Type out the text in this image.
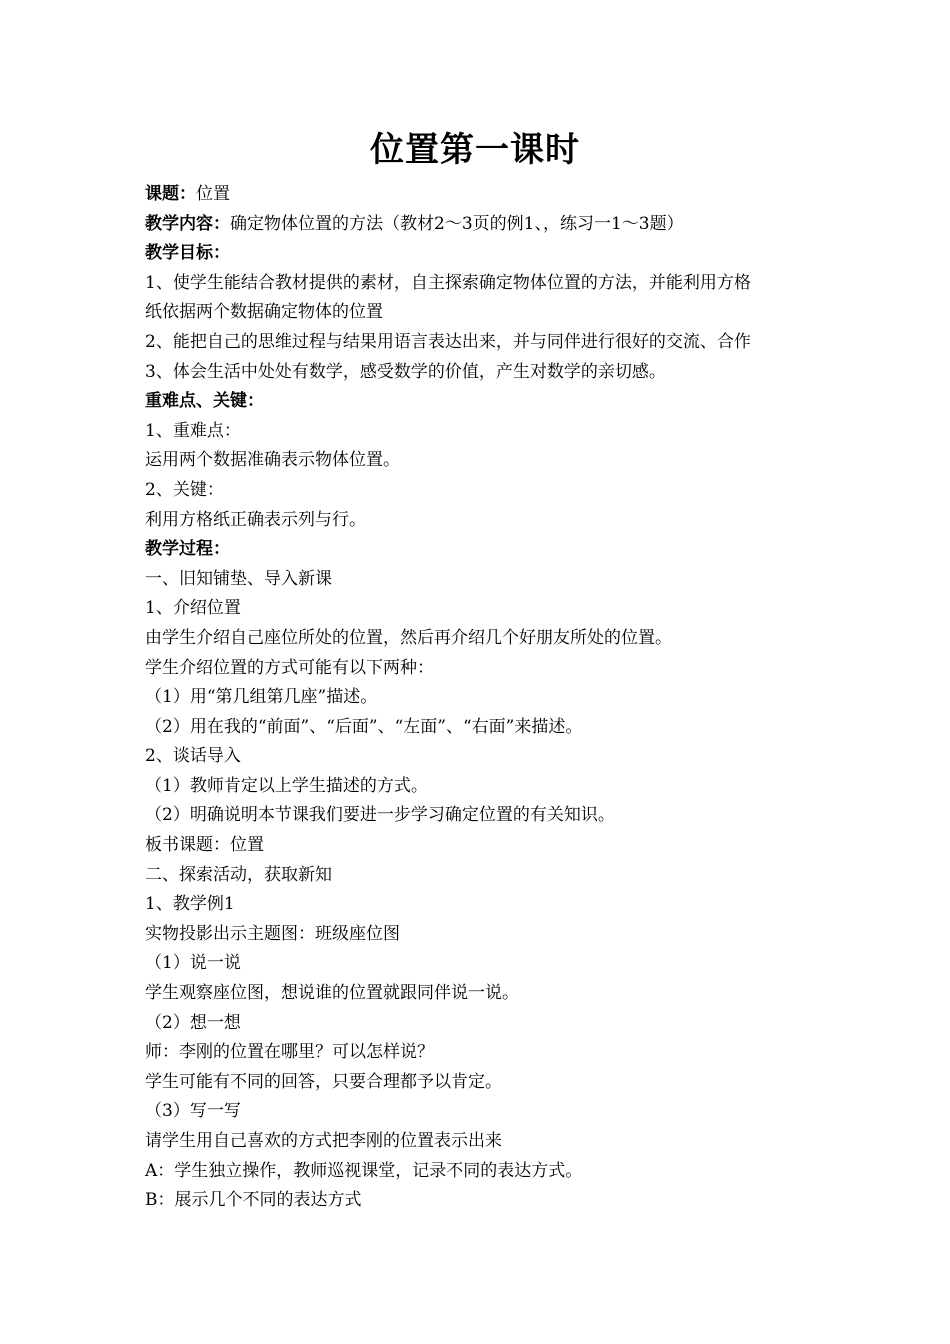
位置第一课时
课题：位置
教学内容：确定物体位置的方法（教材2～3页的例1、，练习一1～3题）
教学目标：
1、使学生能结合教材提供的素材，自主探索确定物体位置的方法，并能利用方格
纸依据两个数据确定物体的位置
2、能把自己的思维过程与结果用语言表达出来，并与同伴进行很好的交流、合作
3、体会生活中处处有数学，感受数学的价值，产生对数学的亲切感。
重难点、关键：
1、重难点：
运用两个数据准确表示物体位置。
2、关键：
利用方格纸正确表示列与行。
教学过程：
一、旧知铺垫、导入新课
1、介绍位置
由学生介绍自己座位所处的位置，然后再介绍几个好朋友所处的位置。
学生介绍位置的方式可能有以下两种：
（1）用“第几组第几座”描述。
（2）用在我的“前面”、“后面”、“左面”、“右面”来描述。
2、谈话导入
（1）教师肯定以上学生描述的方式。
（2）明确说明本节课我们要进一步学习确定位置的有关知识。
板书课题：位置
二、探索活动，获取新知
1、教学例1
实物投影出示主题图：班级座位图
（1）说一说
学生观察座位图，想说谁的位置就跟同伴说一说。
（2）想一想
师：李刚的位置在哪里？可以怎样说？
学生可能有不同的回答，只要合理都予以肯定。
（3）写一写
请学生用自己喜欢的方式把李刚的位置表示出来
A：学生独立操作，教师巡视课堂，记录不同的表达方式。
B：展示几个不同的表达方式
